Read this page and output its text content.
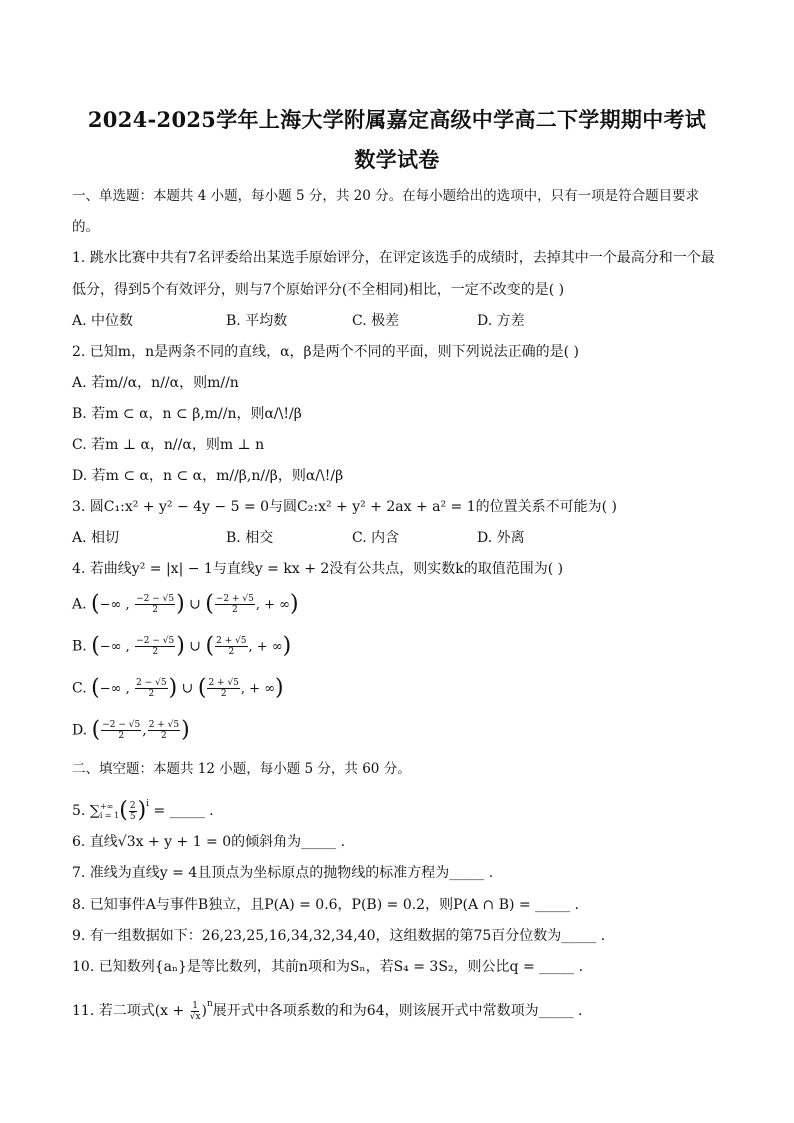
2024-2025学年上海大学附属嘉定高级中学高二下学期期中考试
数学试卷
一、单选题：本题共 4 小题，每小题 5 分，共 20 分。在每小题给出的选项中，只有一项是符合题目要求
的。
1. 跳水比赛中共有7名评委给出某选手原始评分，在评定该选手的成绩时，去掉其中一个最高分和一个最
低分，得到5个有效评分，则与7个原始评分(不全相同)相比，一定不改变的是( )
A. 中位数	B. 平均数	C. 极差	D. 方差
2. 已知m，n是两条不同的直线，α，β是两个不同的平面，则下列说法正确的是( )
A. 若m//α，n//α，则m//n
B. 若m ⊂ α，n ⊂ β,m//n，则α/\!/β
C. 若m ⊥ α，n//α，则m ⊥ n
D. 若m ⊂ α，n ⊂ α，m//β,n//β，则α/\!/β
3. 圆C₁:x² + y² − 4y − 5 = 0与圆C₂:x² + y² + 2ax + a² = 1的位置关系不可能为( )
A. 相切	B. 相交	C. 内含	D. 外离
4. 若曲线y² = |x| − 1与直线y = kx + 2没有公共点，则实数k的取值范围为( )
A. (−∞ , $\frac{-2 - √5}{2}$ ) ∪ ( $\frac{-2 + √5}{2}$ , + ∞)
B. (−∞ , $\frac{-2 - √5}{2}$ ) ∪ ( $\frac{2 + √5}{2}$ , + ∞)
C. (−∞ , $\frac{2 - √5}{2}$ ) ∪ ( $\frac{2 + √5}{2}$ , + ∞)
D. ( $\frac{-2 - √5}{2}$ , $\frac{2 + √5}{2}$ )
二、填空题：本题共 12 小题，每小题 5 分，共 60 分。
5. ∑ +∞
i = 1 ( $\frac{2}{5} )^i$ = _____ .
6. 直线√3x + y + 1 = 0的倾斜角为_____ .
7. 准线为直线y = 4且顶点为坐标原点的抛物线的标准方程为_____ .
8. 已知事件A与事件B独立，且P(A) = 0.6，P(B) = 0.2，则P(A ∩ B) = _____ .
9. 有一组数据如下：26,23,25,16,34,32,34,40，这组数据的第75百分位数为_____ .
10. 已知数列{aₙ}是等比数列，其前n项和为Sₙ，若S₄ = 3S₂，则公比q = _____ .
11. 若二项式$(x + \frac{1}{√x} )^n$展开式中各项系数的和为64，则该展开式中常数项为_____ .
